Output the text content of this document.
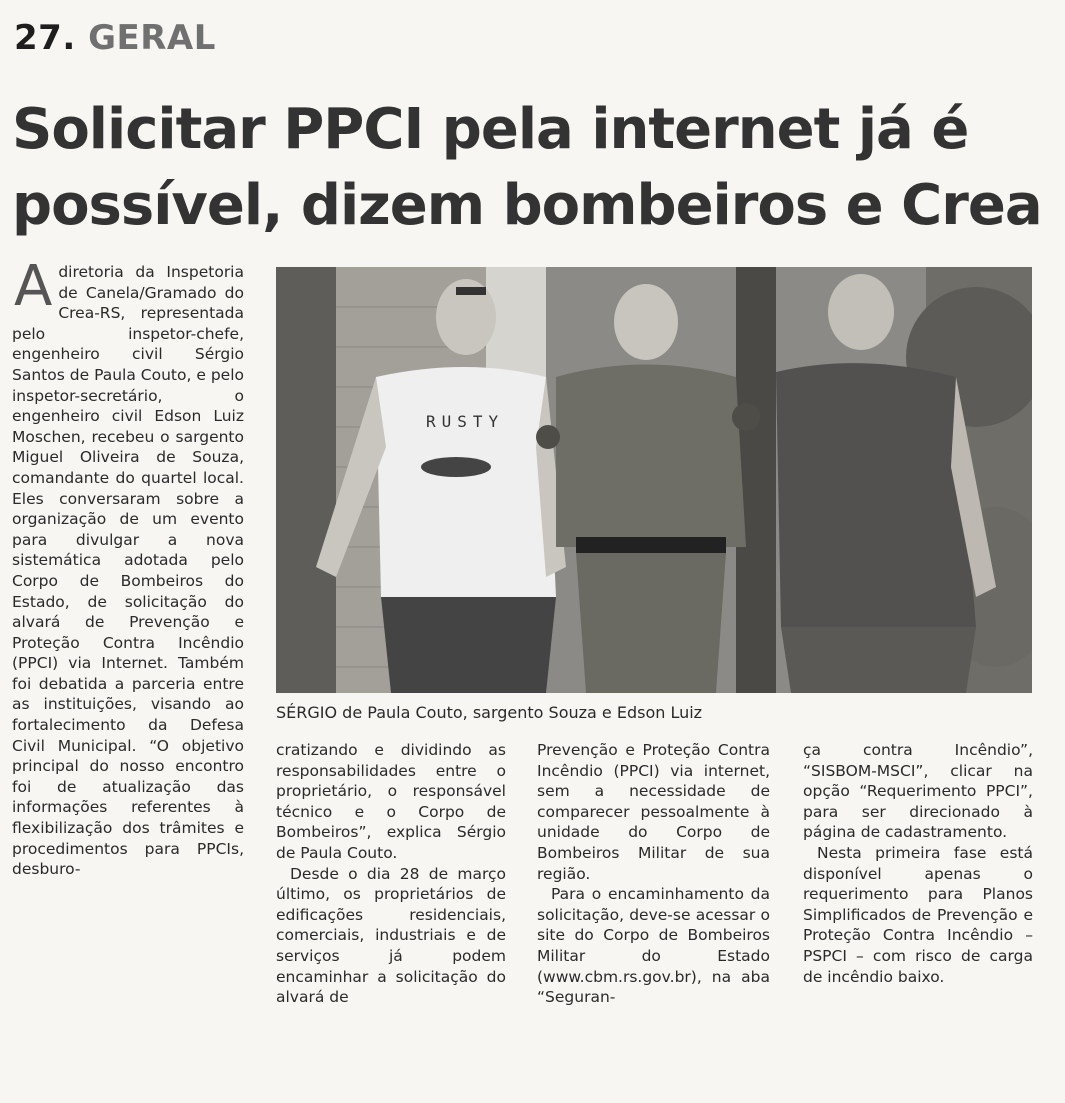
27. GERAL
Solicitar PPCI pela internet já é possível, dizem bombeiros e Crea

Adiretoria da Inspetoria de Canela/Gramado do Crea-RS, representada pelo inspetor-chefe, engenheiro civil Sérgio Santos de Paula Couto, e pelo inspetor-secretário, o engenheiro civil Edson Luiz Moschen, recebeu o sargento Miguel Oliveira de Souza, comandante do quartel local. Eles conversaram sobre a organização de um evento para divulgar a nova sistemática adotada pelo Corpo de Bombeiros do Estado, de solicitação do alvará de Prevenção e Proteção Contra Incêndio (PPCI) via Internet. Também foi debatida a parceria entre as instituições, visando ao fortalecimento da Defesa Civil Municipal. “O objetivo principal do nosso encontro foi de atualização das informações referentes à flexibilização dos trâmites e procedimentos para PPCIs, desburo-

RUSTY
SÉRGIO de Paula Couto, sargento Souza e Edson Luiz

cratizando e dividindo as responsabilidades entre o proprietário, o responsável técnico e o Corpo de Bombeiros”, explica Sérgio de Paula Couto.

Desde o dia 28 de março último, os proprietários de edificações residenciais, comerciais, industriais e de serviços já podem encaminhar a solicitação do alvará de

Prevenção e Proteção Contra Incêndio (PPCI) via internet, sem a necessidade de comparecer pessoalmente à unidade do Corpo de Bombeiros Militar de sua região.

Para o encaminhamento da solicitação, deve-se acessar o site do Corpo de Bombeiros Militar do Estado (www.cbm.rs.gov.br), na aba “Seguran-

ça contra Incêndio”, “SISBOM-MSCI”, clicar na opção “Requerimento PPCI”, para ser direcionado à página de cadastramento.

Nesta primeira fase está disponível apenas o requerimento para Planos Simplificados de Prevenção e Proteção Contra Incêndio – PSPCI – com risco de carga de incêndio baixo.
